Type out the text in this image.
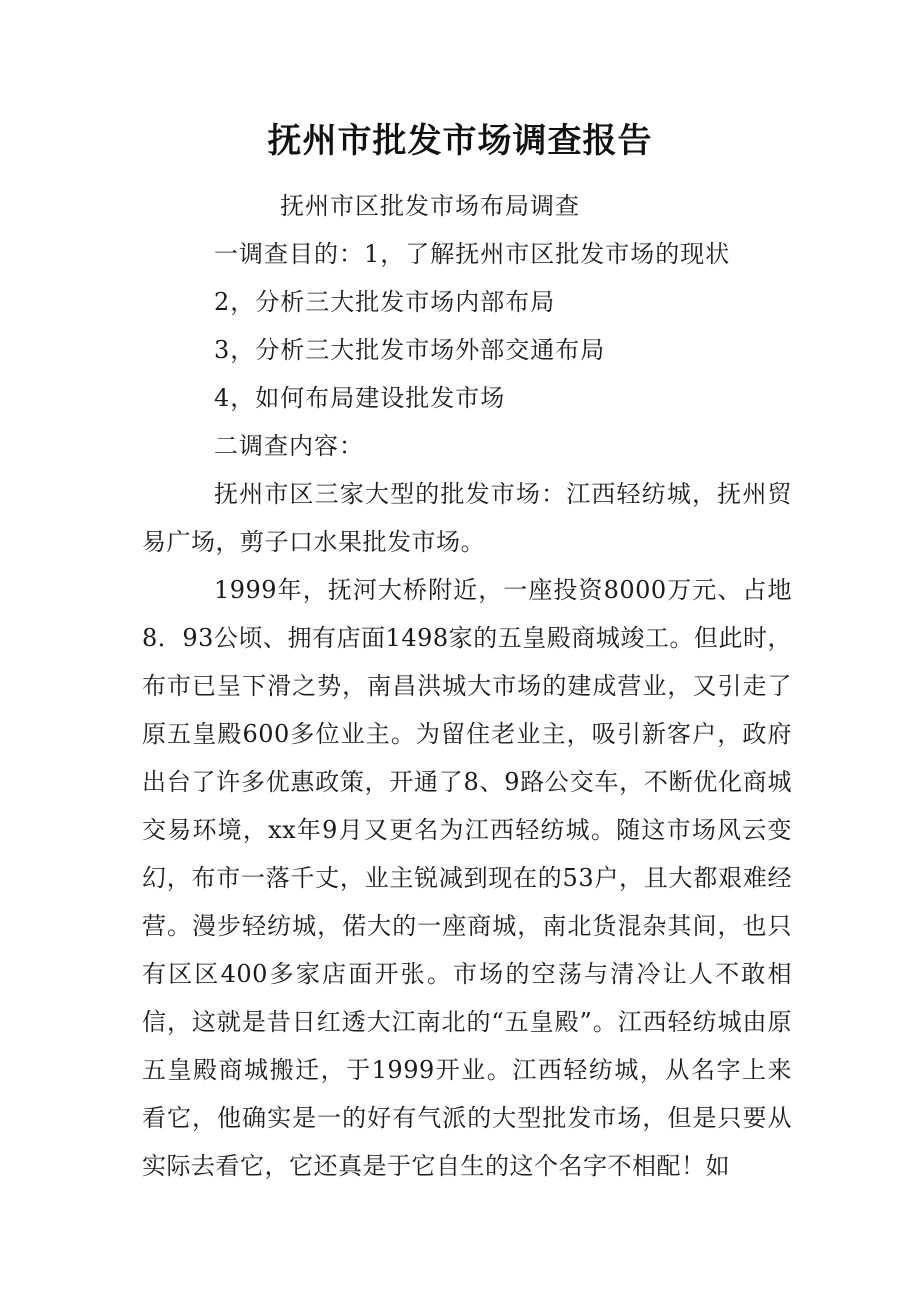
抚州市批发市场调查报告
抚州市区批发市场布局调查
一调查目的：1，了解抚州市区批发市场的现状
2，分析三大批发市场内部布局
3，分析三大批发市场外部交通布局
4，如何布局建设批发市场
二调查内容：
抚州市区三家大型的批发市场：江西轻纺城，抚州贸易广场，剪子口水果批发市场。
1999年，抚河大桥附近，一座投资8000万元、占地8．93公顷、拥有店面1498家的五皇殿商城竣工。但此时，布市已呈下滑之势，南昌洪城大市场的建成营业，又引走了原五皇殿600多位业主。为留住老业主，吸引新客户，政府出台了许多优惠政策，开通了8、9路公交车，不断优化商城交易环境，xx年9月又更名为江西轻纺城。随这市场风云变幻，布市一落千丈，业主锐减到现在的53户，且大都艰难经营。漫步轻纺城，偌大的一座商城，南北货混杂其间，也只有区区400多家店面开张。市场的空荡与清冷让人不敢相信，这就是昔日红透大江南北的“五皇殿”。江西轻纺城由原五皇殿商城搬迁，于1999开业。江西轻纺城，从名字上来看它，他确实是一的好有气派的大型批发市场，但是只要从实际去看它，它还真是于它自生的这个名字不相配！如
